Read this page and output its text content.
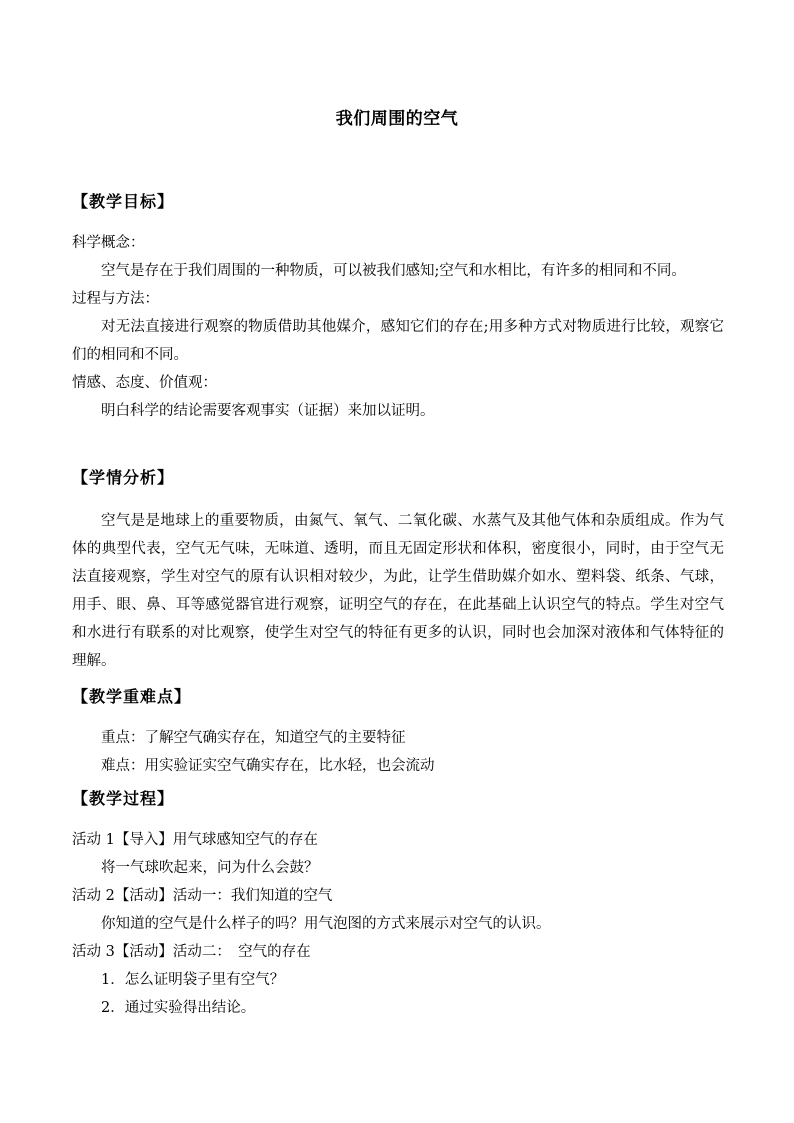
我们周围的空气
【教学目标】
科学概念：
空气是存在于我们周围的一种物质，可以被我们感知;空气和水相比，有许多的相同和不同。
过程与方法：
对无法直接进行观察的物质借助其他媒介，感知它们的存在;用多种方式对物质进行比较，观察它们的相同和不同。
情感、态度、价值观：
明白科学的结论需要客观事实（证据）来加以证明。
【学情分析】
空气是是地球上的重要物质，由氮气、氧气、二氧化碳、水蒸气及其他气体和杂质组成。作为气体的典型代表，空气无气味，无味道、透明，而且无固定形状和体积，密度很小，同时，由于空气无法直接观察，学生对空气的原有认识相对较少，为此，让学生借助媒介如水、塑料袋、纸条、气球，用手、眼、鼻、耳等感觉器官进行观察，证明空气的存在，在此基础上认识空气的特点。学生对空气和水进行有联系的对比观察，使学生对空气的特征有更多的认识，同时也会加深对液体和气体特征的理解。
【教学重难点】
重点：了解空气确实存在，知道空气的主要特征
难点：用实验证实空气确实存在，比水轻，也会流动
【教学过程】
活动 1【导入】用气球感知空气的存在
将一气球吹起来，问为什么会鼓？
活动 2【活动】活动一：我们知道的空气
你知道的空气是什么样子的吗？用气泡图的方式来展示对空气的认识。
活动 3【活动】活动二：　空气的存在
1．怎么证明袋子里有空气？
2．通过实验得出结论。
